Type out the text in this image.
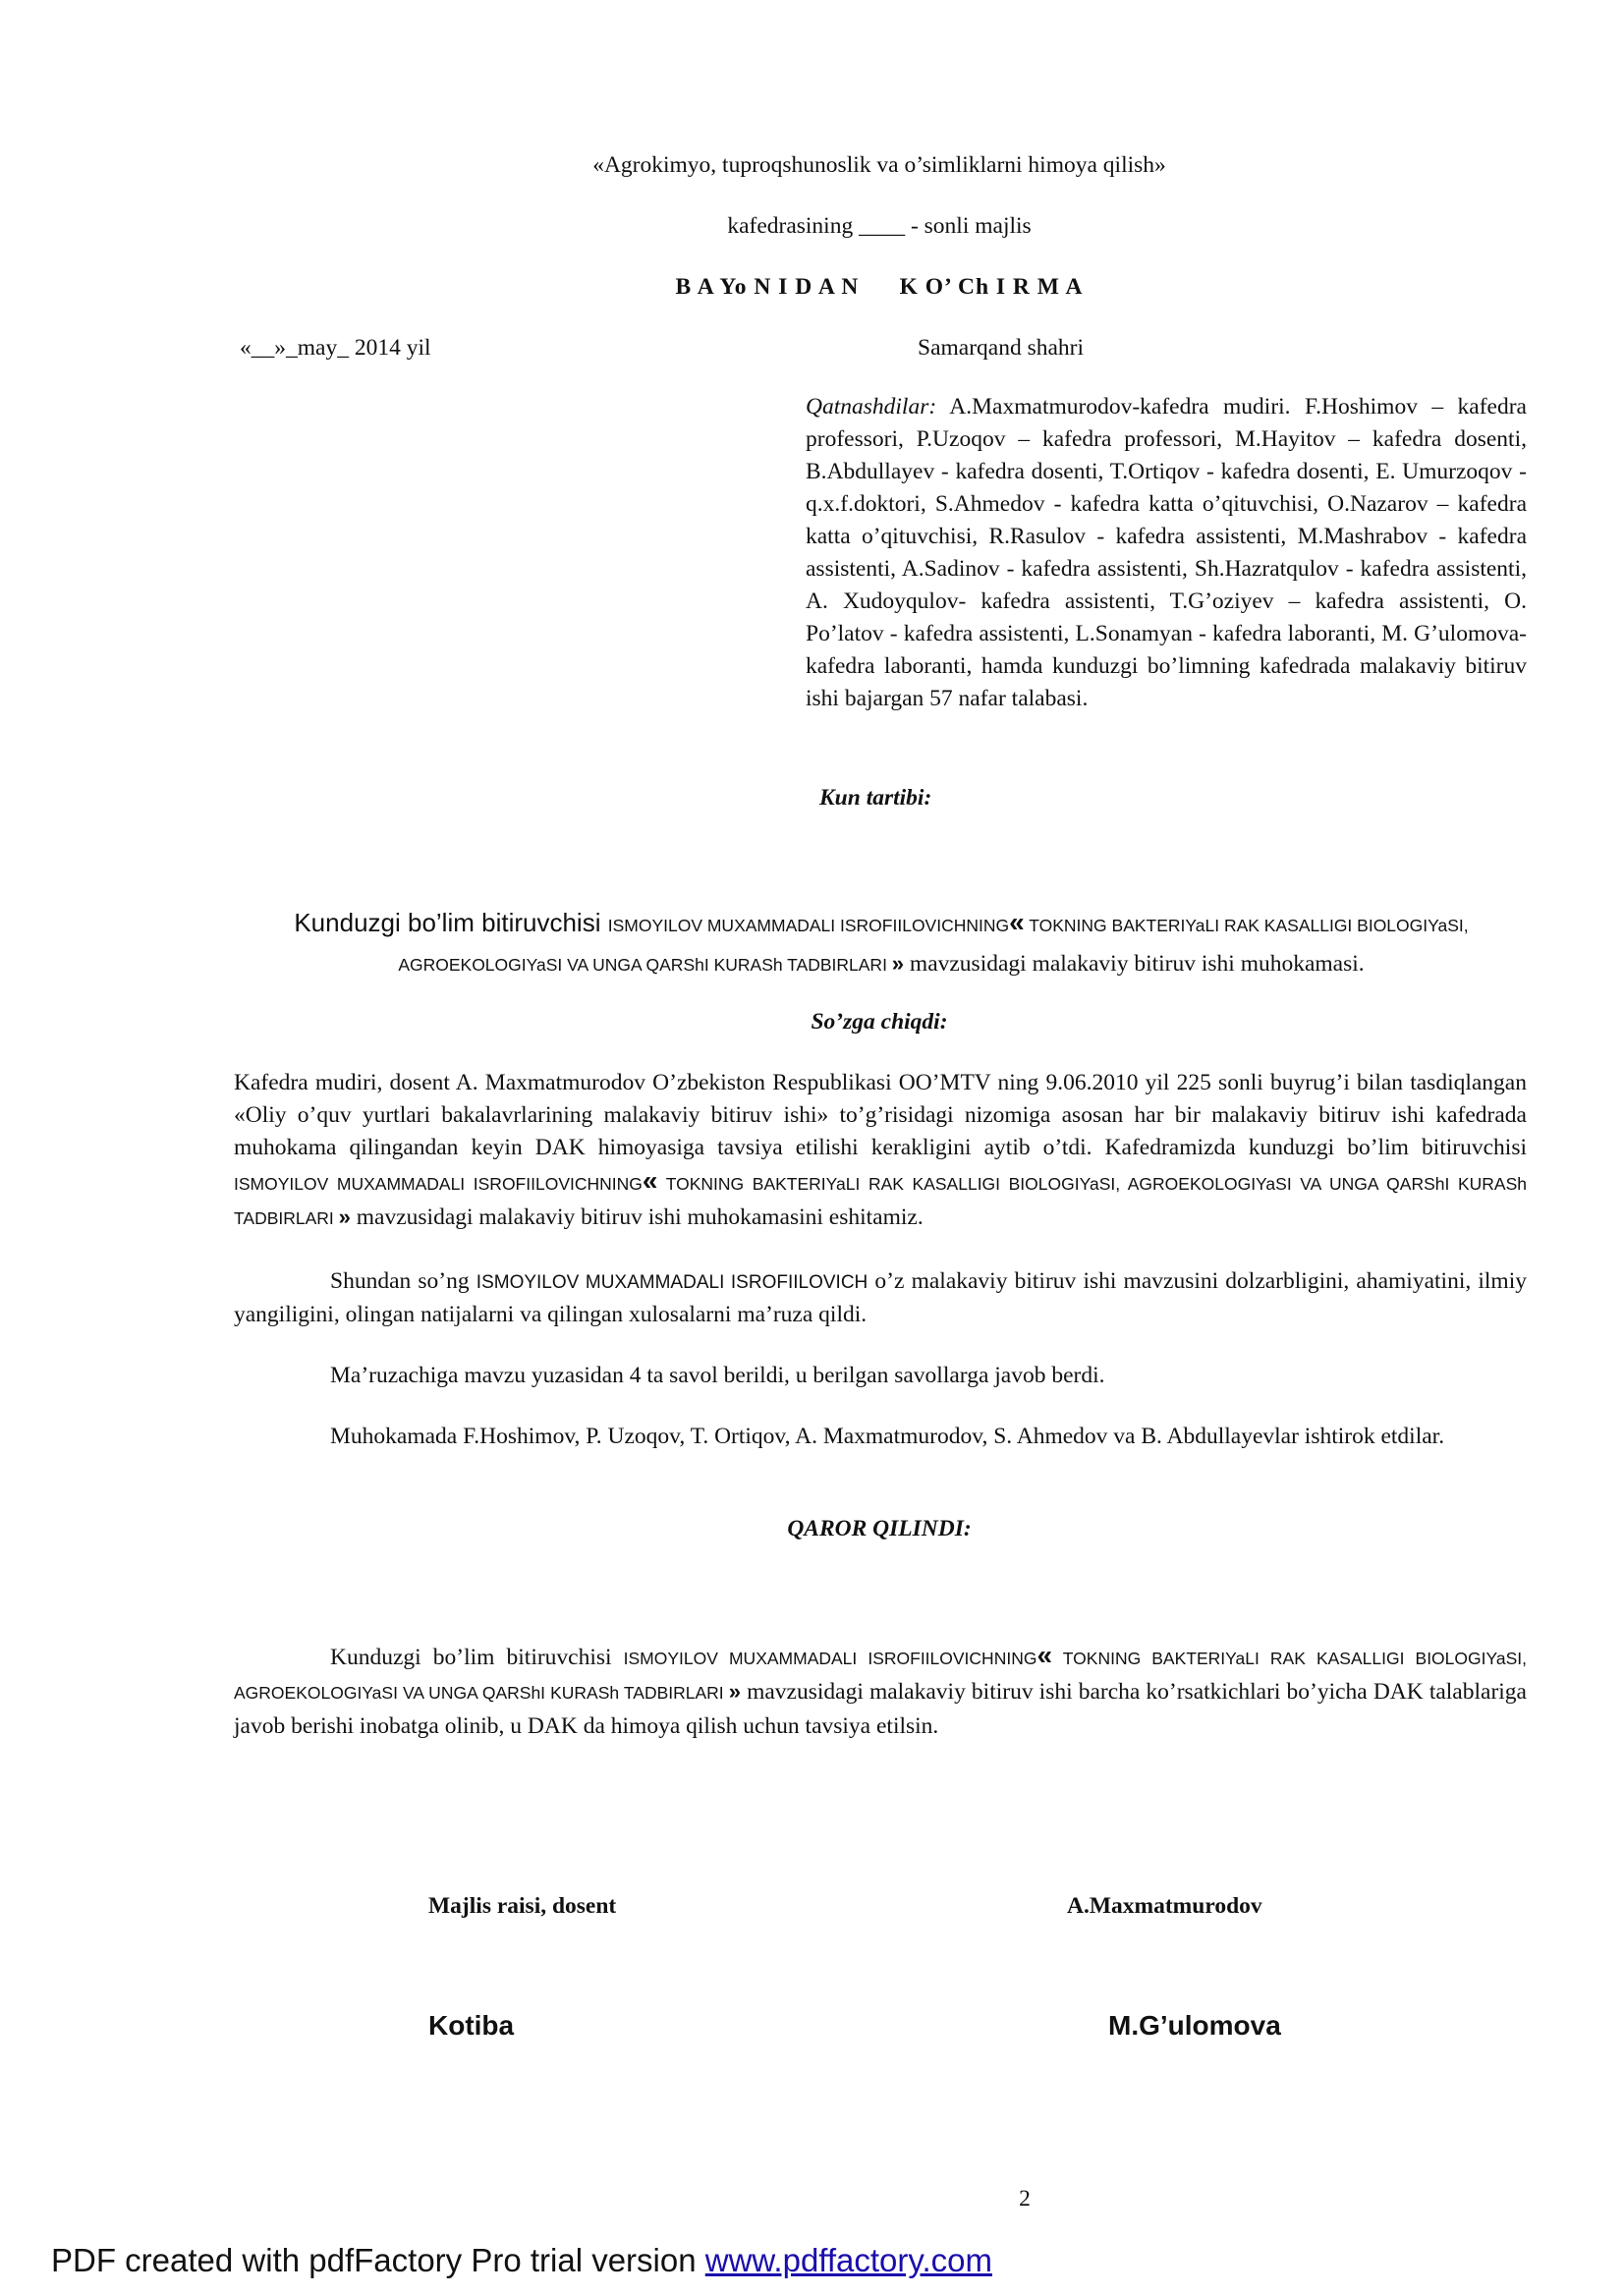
«Agrokimyo, tuproqshunoslik va o’simliklarni himoya qilish»

kafedrasining ____ - sonli majlis

B A Yo N I D A N      K O’ Ch I R M A

«__»_may_ 2014 yil	Samarqand shahri

Qatnashdilar: A.Maxmatmurodov-kafedra mudiri. F.Hoshimov – kafedra professori, P.Uzoqov – kafedra professori, M.Hayitov – kafedra dosenti, B.Abdullayev - kafedra dosenti, T.Ortiqov - kafedra dosenti, E. Umurzoqov - q.x.f.doktori, S.Ahmedov - kafedra katta o’qituvchisi, O.Nazarov – kafedra katta o’qituvchisi, R.Rasulov - kafedra assistenti, M.Mashrabov - kafedra assistenti, A.Sadinov - kafedra assistenti, Sh.Hazratqulov - kafedra assistenti, A. Xudoyqulov- kafedra assistenti, T.G’oziyev – kafedra assistenti, O. Po’latov - kafedra assistenti, L.Sonamyan - kafedra laboranti, M. G’ulomova- kafedra laboranti, hamda kunduzgi bo’limning kafedrada malakaviy bitiruv ishi bajargan 57 nafar talabasi.

Kun tartibi:

Kunduzgi bo’lim bitiruvchisi ISMOYILOV MUXAMMADALI ISROFIILOVICHNING« TOKNING BAKTERIYaLI RAK KASALLIGI BIOLOGIYaSI, AGROEKOLOGIYaSI VA UNGA QARShI KURASh TADBIRLARI » mavzusidagi malakaviy bitiruv ishi muhokamasi.

So’zga chiqdi:

Kafedra mudiri, dosent A. Maxmatmurodov O’zbekiston Respublikasi OO’MTV ning 9.06.2010 yil 225 sonli buyrug’i bilan tasdiqlangan «Oliy o’quv yurtlari bakalavrlarining malakaviy bitiruv ishi» to’g’risidagi nizomiga asosan har bir malakaviy bitiruv ishi kafedrada muhokama qilingandan keyin DAK himoyasiga tavsiya etilishi kerakligini aytib o’tdi. Kafedramizda kunduzgi bo’lim bitiruvchisi ISMOYILOV MUXAMMADALI ISROFIILOVICHNING« TOKNING BAKTERIYaLI RAK KASALLIGI BIOLOGIYaSI, AGROEKOLOGIYaSI VA UNGA QARShI KURASh TADBIRLARI » mavzusidagi malakaviy bitiruv ishi muhokamasini eshitamiz.
Shundan so’ng ISMOYILOV MUXAMMADALI ISROFIILOVICH o’z malakaviy bitiruv ishi mavzusini dolzarbligini, ahamiyatini, ilmiy yangiligini, olingan natijalarni va qilingan xulosalarni ma’ruza qildi.

Ma’ruzachiga mavzu yuzasidan 4 ta savol berildi, u berilgan savollarga javob berdi.

Muhokamada F.Hoshimov, P. Uzoqov, T. Ortiqov, A. Maxmatmurodov, S. Ahmedov va B. Abdullayevlar ishtirok etdilar.

QAROR QILINDI:

Kunduzgi bo’lim bitiruvchisi ISMOYILOV MUXAMMADALI ISROFIILOVICHNING« TOKNING BAKTERIYaLI RAK KASALLIGI BIOLOGIYaSI, AGROEKOLOGIYaSI VA UNGA QARShI KURASh TADBIRLARI » mavzusidagi malakaviy bitiruv ishi barcha ko’rsatkichlari bo’yicha DAK talablariga javob berishi inobatga olinib, u DAK da himoya qilish uchun tavsiya etilsin.

Majlis raisi, dosent	A.Maxmatmurodov

Kotiba	M.G’ulomova

2

PDF created with pdfFactory Pro trial version www.pdffactory.com
